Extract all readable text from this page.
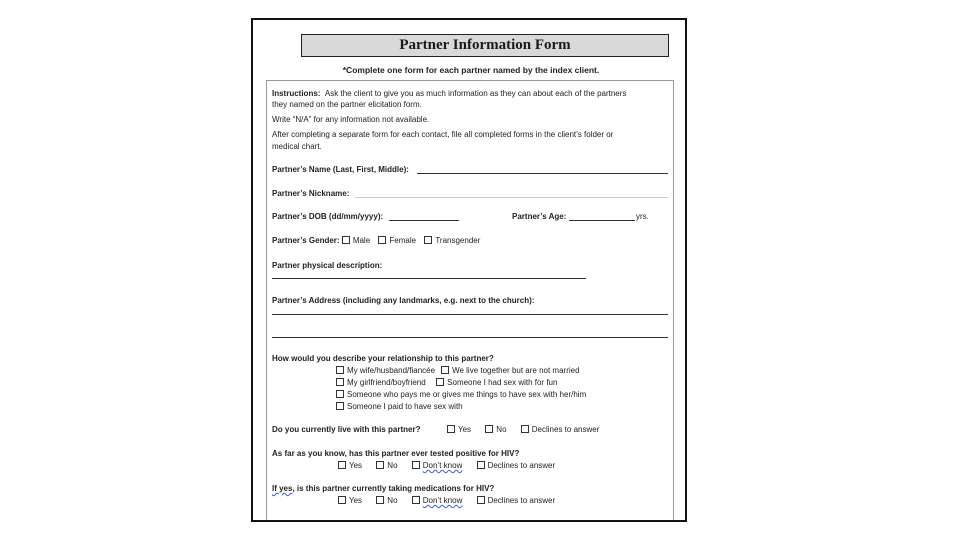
Partner Information Form
*Complete one form for each partner named by the index client.
Instructions: Ask the client to give you as much information as they can about each of the partners
they named on the partner elicitation form.
Write “N/A” for any information not available.
After completing a separate form for each contact, file all completed forms in the client’s folder or
medical chart.
Partner’s Name (Last, First, Middle):
Partner’s Nickname:
Partner’s DOB (dd/mm/yyyy):	Partner’s Age:	yrs.
Partner’s Gender: Male Female Transgender
Partner physical description:
Partner’s Address (including any landmarks, e.g. next to the church):
How would you describe your relationship to this partner?
My wife/husband/fiancée We live together but are not married
My girlfriend/boyfriend	Someone I had sex with for fun
Someone who pays me or gives me things to have sex with her/him
Someone I paid to have sex with
Do you currently live with this partner?	Yes	No	Declines to answer
As far as you know, has this partner ever tested positive for HIV?
Yes	No	Don’t know	Declines to answer
If yes, is this partner currently taking medications for HIV?
Yes	No	Don’t know	Declines to answer
